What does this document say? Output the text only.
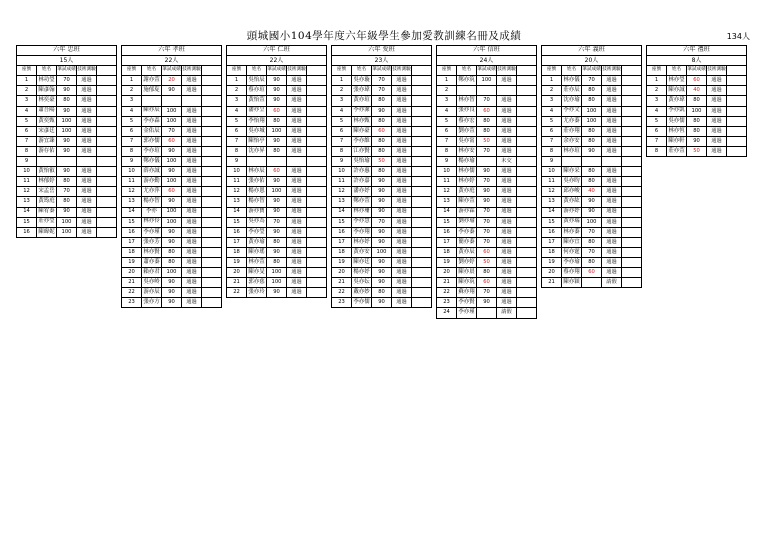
頭城國小104學年度六年級學生參加愛教訓練名冊及成績	134人
六年 忠班				
15人				
座號	姓名	筆試成績	技術測驗	
1	林功瑩	70	通過	
2	陳彥翰	90	通過	
3	林奕豪	80	通過	
4	蕭吾陽	90	通過	
5	黃奕甄	100	通過	
6	宋彥廷	100	通過	
7	游宜臻	90	通過	
8	游存佑	90	通過	
9				
10	黃怡叡	90	通過	
11	林郁婷	80	通過	
12	宋孟岳	70	通過	
13	黃筠庭	80	通過	
14	陳宥蓁	90	通過	
15	莊亦瑩	100	通過	
16	陳暐妮	100	通過	
六年 孝班				
22人				
座號	姓名	筆試成績	技術測驗	
1	謝亦萱	20	通過	
2	施郁琁	90	通過	
3				
4	陳亦辰	100	通過	
5	李亦森	100	通過	
6	金佑辰	70	通過	
7	郭亦儒	60	通過	
8	李亦瑄	90	通過	
9	鄭亦儀	100	通過	
10	薛亦誠	90	通過	
11	游亦勤	100	通過	
12	尤亦萍	60	通過	
13	楊亦智	90	通過	
14	李亦	100	通過	
15	林亦伶	100	通過	
16	李亦瑾	90	通過	
17	張亦芳	90	通過	
18	林亦賢	80	通過	
19	蕭亦蓁	80	通過	
20	賴亦君	100	通過	
21	吳亦岭	90	通過	
22	游亦辰	90	通過	
23	張亦方	90	通過	
六年 仁班				
22人				
座號	姓名	筆試成績	技術測驗	
1	吳怡辰	90	通過	
2	蔡亦瑄	90	通過	
3	黃怡萱	90	通過	
4	潘亦呈	60	通過	
5	李怡翔	80	通過	
6	吳亦城	100	通過	
7	陳怡亭	90	通過	
8	沈亦昇	80	通過	
9				
10	林亦辰	60	通過	
11	張亦佑	90	通過	
12	楊亦恩	100	通過	
13	楊亦智	90	通過	
14	游亦寶	90	通過	
15	吳亦為	70	通過	
16	李亦瑩	90	通過	
17	黃亦瑜	80	通過	
18	陳亦瑤	90	通過	
19	林亦萱	80	通過	
20	陳亦旻	100	通過	
21	郭亦慈	100	通過	
22	張亦玲	90	通過	
六年 愛班				
23人				
座號	姓名	筆試成績	技術測驗	
1	吳亦璇	70	通過	
2	張亦瑋	70	通過	
3	黃亦瑄	80	通過	
4	李亦潔	90	通過	
5	林亦甄	80	通過	
6	陳亦豪	60	通過	
7	李亦維	80	通過	
8	江亦賢	80	通過	
9	吳怡瑜	50	通過	
10	許亦惠	80	通過	
11	許亦嘉	90	通過	
12	潘亦妤	90	通過	
13	鄭亦萱	90	通過	
14	林亦珊	90	通過	
15	李亦慧	70	通過	
16	李亦翔	90	通過	
17	林亦妤	90	通過	
18	黃亦安	100	通過	
19	陳亦廷	90	通過	
20	楊亦妤	90	通過	
21	吳亦妘	90	通過	
22	戴亦妙	80	通過	
23	李亦儒	90	通過	
六年 信班				
24人				
座號	姓名	筆試成績	技術測驗	
1	鄭亦筑	100	通過	
2				
3	林亦智	70	通過	
4	張亦良	60	通過	
5	蔡亦宏	80	通過	
6	劉亦萱	80	通過	
7	吳亦甯	50	通過	
8	林亦安	70	通過	
9	楊亦瑜		未交	
10	林亦儒	90	通過	
11	林亦婷	70	通過	
12	黃亦庭	90	通過	
13	陳亦萱	90	通過	
14	游亦霖	70	通過	
15	劉亦瑜	70	通過	
16	李亦蓁	70	通過	
17	簡亦蓁	70	通過	
18	黃亦辰	60	通過	
19	劉亦婷	50	通過	
20	陳亦晨	80	通過	
21	陳亦筑	60	通過	
22	蘇亦翔	70	通過	
23	李亦賢	90	通過	
24	李亦瑾		請假	
六年 義班				
20人				
座號	姓名	筆試成績	技術測驗	
1	林亦儀	70	通過	
2	莊亦辰	80	通過	
3	沈亦瑜	80	通過	
4	李亦文	100	通過	
5	尤亦蓁	100	通過	
6	莊亦翔	80	通過	
7	余亦安	80	通過	
8	林亦瑄	90	通過	
9				
10	陳亦采	80	通過	
11	吳亦昀	80	通過	
12	邱亦峻	40	通過	
13	黃亦紘	90	通過	
14	游亦妤	90	通過	
15	黃亦瑞	100	通過	
16	林亦蓁	70	通過	
17	陳亦宜	80	通過	
18	何亦霆	70	通過	
19	李亦瑜	80	通過	
20	蔡亦翔	60	通過	
21	陳亦穎		請假	
六年 禮班				
8人				
座號	姓名	筆試成績	技術測驗	
1	林亦瑩	60	通過	
2	陳亦誠	40	通過	
3	黃亦瑋	80	通過	
4	李亦凱	100	通過	
5	吳亦儒	80	通過	
6	林亦恆	80	通過	
7	陳亦軒	90	通過	
8	莊亦萱	50	通過	
